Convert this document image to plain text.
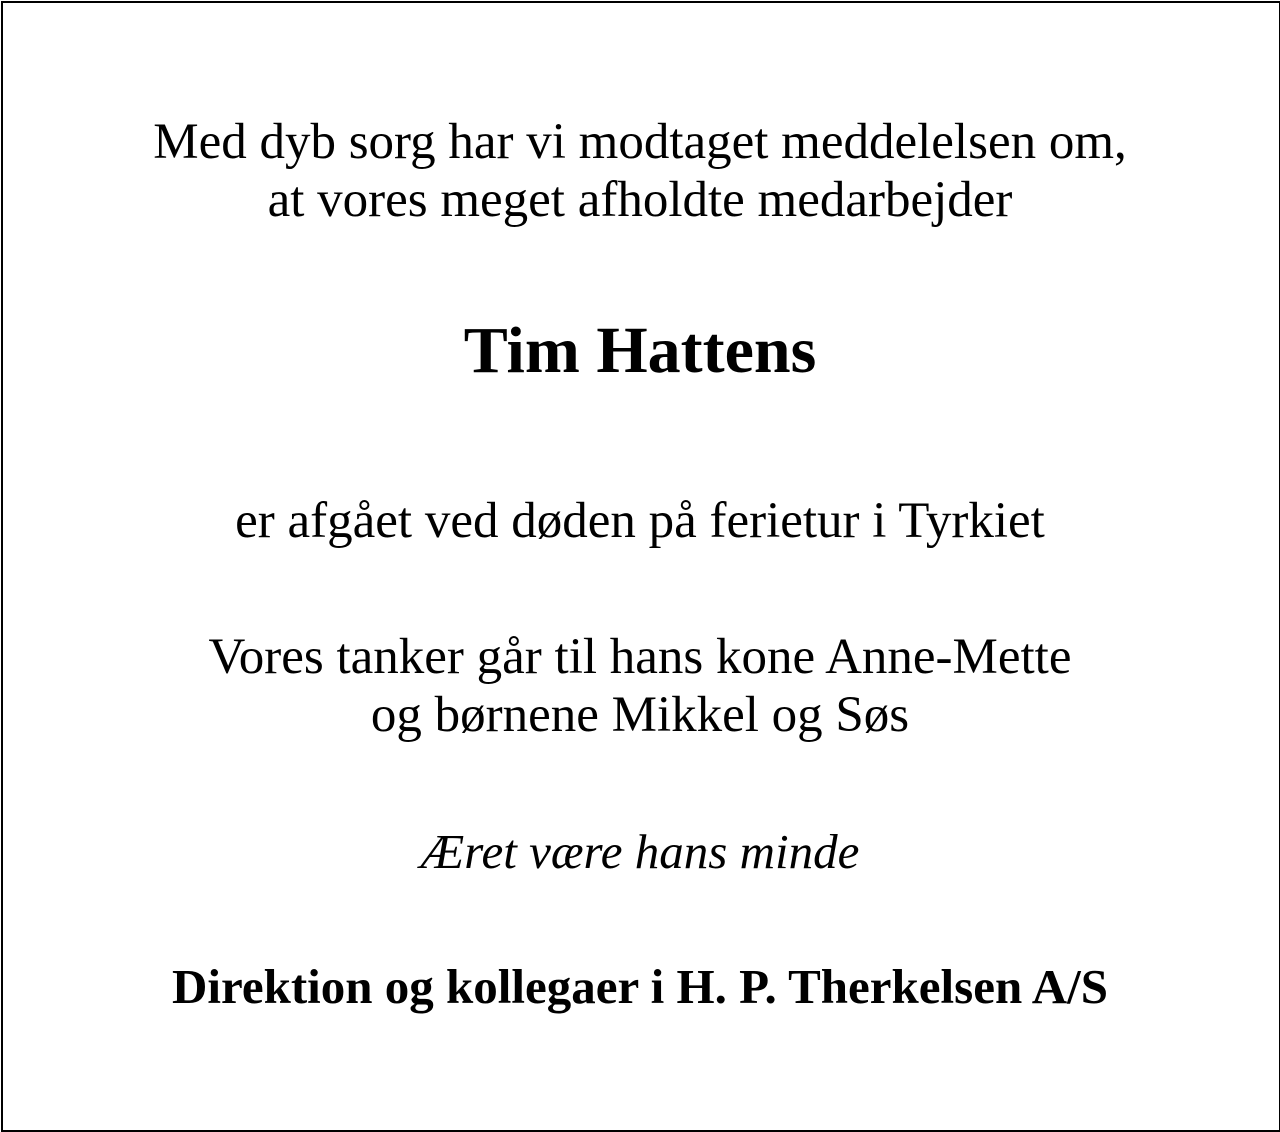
Med dyb sorg har vi modtaget meddelelsen om,
at vores meget afholdte medarbejder
Tim Hattens
er afgået ved døden på ferietur i Tyrkiet
Vores tanker går til hans kone Anne-Mette
og børnene Mikkel og Søs
Æret være hans minde
Direktion og kollegaer i H. P. Therkelsen A/S
